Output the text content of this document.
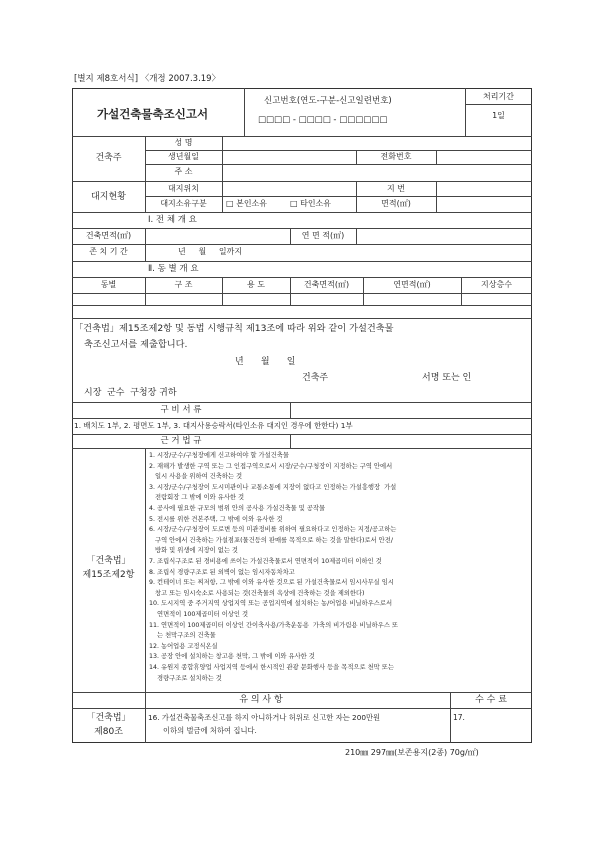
[별지 제8호서식] 〈개정 2007.3.19〉
가설건축물축조신고서
신고번호(연도-구분-신고일련번호)
□□□□ - □□□□ - □□□□□□
처리기간
1일
건축주
성 명
생년월일	전화번호
주 소
대지현황
대지위치	지 번
대지소유구분	□ 본인소유	□ 타인소유	면적(㎡)
Ⅰ. 전 체 개 요
건축면적(㎡)	연 면 적(㎡)
존 치 기 간	년     월     일까지
Ⅱ. 동 별 개 요
동별	구 조	용 도	건축면적(㎡)	연면적(㎡)	지상층수
「건축법」제15조제2항 및 동법 시행규칙 제13조에 따라 위와 같이 가설건축물
축조신고서를 제출합니다.
년      월      일
건축주	서명 또는 인
시장  군수  구청장 귀하
구 비 서 류
1. 배치도 1부, 2. 평면도 1부, 3. 대지사용승락서(타인소유 대지인 경우에 한한다) 1부
근 거 법 규
「건축법」
제15조제2항
1. 시장/군수/구청장에게 신고하여야 할 가설건축물
2. 재해가 발생한 구역 또는 그 인접구역으로서 시장/군수/구청장이 지정하는 구역 안에서
일시 사용을 위하여 건축하는 것
3. 시장/군수/구청장이 도시미관이나 교통소통에 지장이 없다고 인정하는 가설흥행장  가설
전람회장 그 밖에 이와 유사한 것
4. 공사에 필요한 규모의 범위 안의 공사용 가설건축물 및 공작물
5. 전시를 위한 견본주택, 그 밖에 이와 유사한 것
6. 시장/군수/구청장이 도로변 등의 미관정비를 위하여 필요하다고 인정하는 지정/공고하는
구역 안에서 건축하는 가설점포(물건등의 판매를 목적으로 하는 것을 말한다)로서 안전/
방화 및 위생에 지장이 없는 것
7. 조립식구조로 된 경비용에 쓰이는 가설건축물로서 연면적이 10제곱미터 이하인 것
8. 조립식 경량구조로 된 외벽이 없는 임시자동차차고
9. 컨테이너 또는 찌저항, 그 밖에 이와 유사한 것으로 된 가설건축물로서 임시사무실 임시
창고 또는 임시숙소로 사용되는 것(건축물의 옥상에 건축하는 것을 제외한다)
10. 도시지역 중 주거지역 상업지역 또는 공업지역에 설치하는 농/어업용 비닐하우스로서
연면적이 100제곱미터 이상인 것
11. 연면적이 100제곱미터 이상인 간이축사용/가축운동용  가축의 비가림용 비닐하우스 또
는 천막구조의 건축물
12. 농어업용 고정식온실
13. 공장 안에 설치하는 창고용 천막, 그 밖에 이와 유사한 것
14. 유원지 종합휴양업 사업지역 등에서 한시적인 관광 문화행사 등을 목적으로 천막 또는
경량구조로 설치하는 것
유 의 사 항	수 수 료
「건축법」
제80조
16. 가설건축물축조신고를 하지 아니하거나 허위로 신고한 자는 200만원
이하의 벌금에 처하여 집니다.
17.
210㎜ 297㎜(보존용지(2종) 70g/㎡)
